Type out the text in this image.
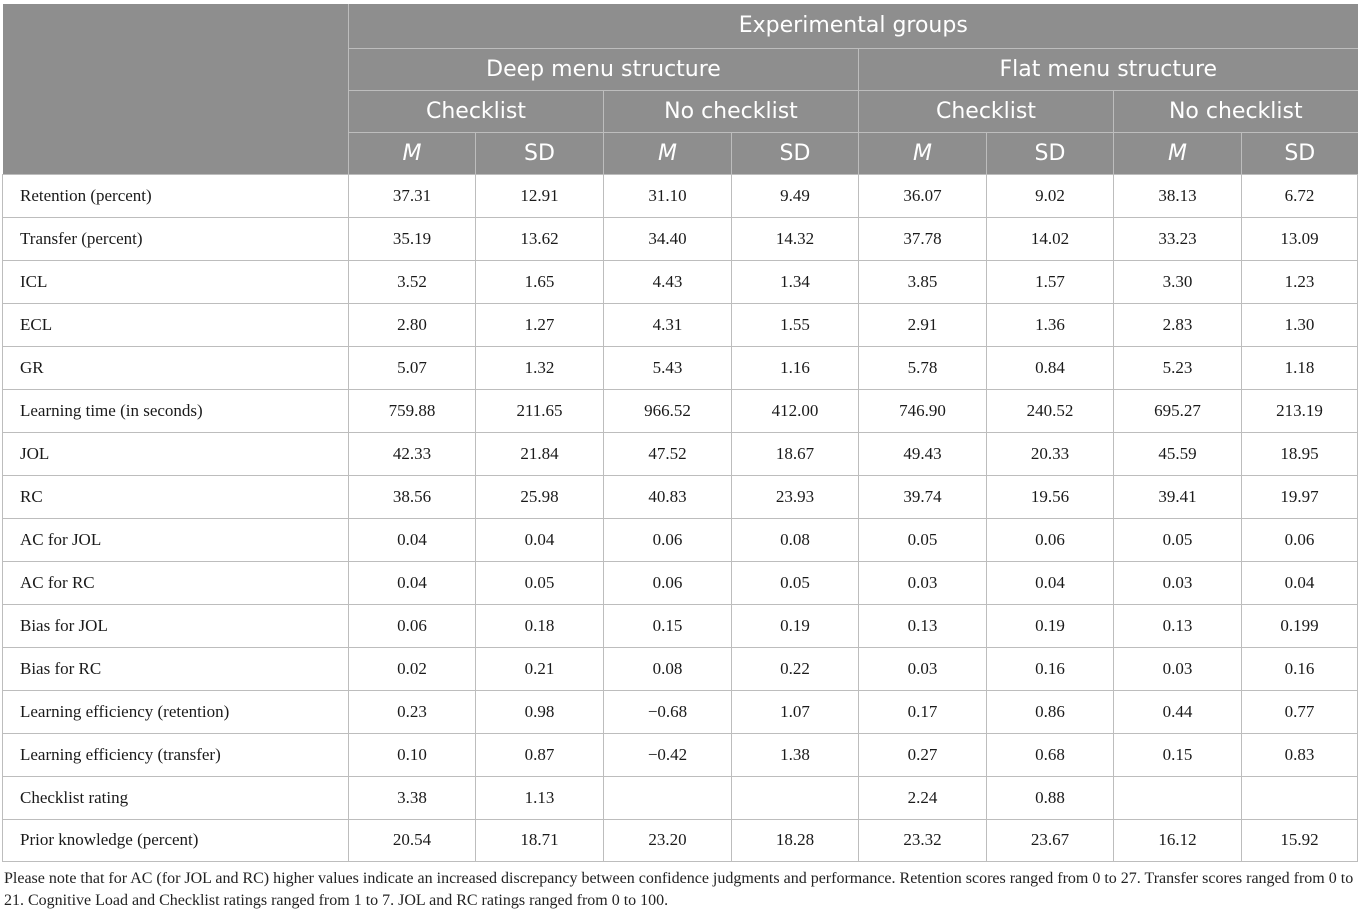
	Experimental groups							
	Deep menu structure				Flat menu structure			
	Checklist		No checklist		Checklist		No checklist	
	M	SD	M	SD	M	SD	M	SD
Retention (percent)	37.31	12.91	31.10	9.49	36.07	9.02	38.13	6.72
Transfer (percent)	35.19	13.62	34.40	14.32	37.78	14.02	33.23	13.09
ICL	3.52	1.65	4.43	1.34	3.85	1.57	3.30	1.23
ECL	2.80	1.27	4.31	1.55	2.91	1.36	2.83	1.30
GR	5.07	1.32	5.43	1.16	5.78	0.84	5.23	1.18
Learning time (in seconds)	759.88	211.65	966.52	412.00	746.90	240.52	695.27	213.19
JOL	42.33	21.84	47.52	18.67	49.43	20.33	45.59	18.95
RC	38.56	25.98	40.83	23.93	39.74	19.56	39.41	19.97
AC for JOL	0.04	0.04	0.06	0.08	0.05	0.06	0.05	0.06
AC for RC	0.04	0.05	0.06	0.05	0.03	0.04	0.03	0.04
Bias for JOL	0.06	0.18	0.15	0.19	0.13	0.19	0.13	0.199
Bias for RC	0.02	0.21	0.08	0.22	0.03	0.16	0.03	0.16
Learning efficiency (retention)	0.23	0.98	−0.68	1.07	0.17	0.86	0.44	0.77
Learning efficiency (transfer)	0.10	0.87	−0.42	1.38	0.27	0.68	0.15	0.83
Checklist rating	3.38	1.13			2.24	0.88		
Prior knowledge (percent)	20.54	18.71	23.20	18.28	23.32	23.67	16.12	15.92
Please note that for AC (for JOL and RC) higher values indicate an increased discrepancy between confidence judgments and performance. Retention scores ranged from 0 to 27. Transfer scores ranged from 0 to 21. Cognitive Load and Checklist ratings ranged from 1 to 7. JOL and RC ratings ranged from 0 to 100.
